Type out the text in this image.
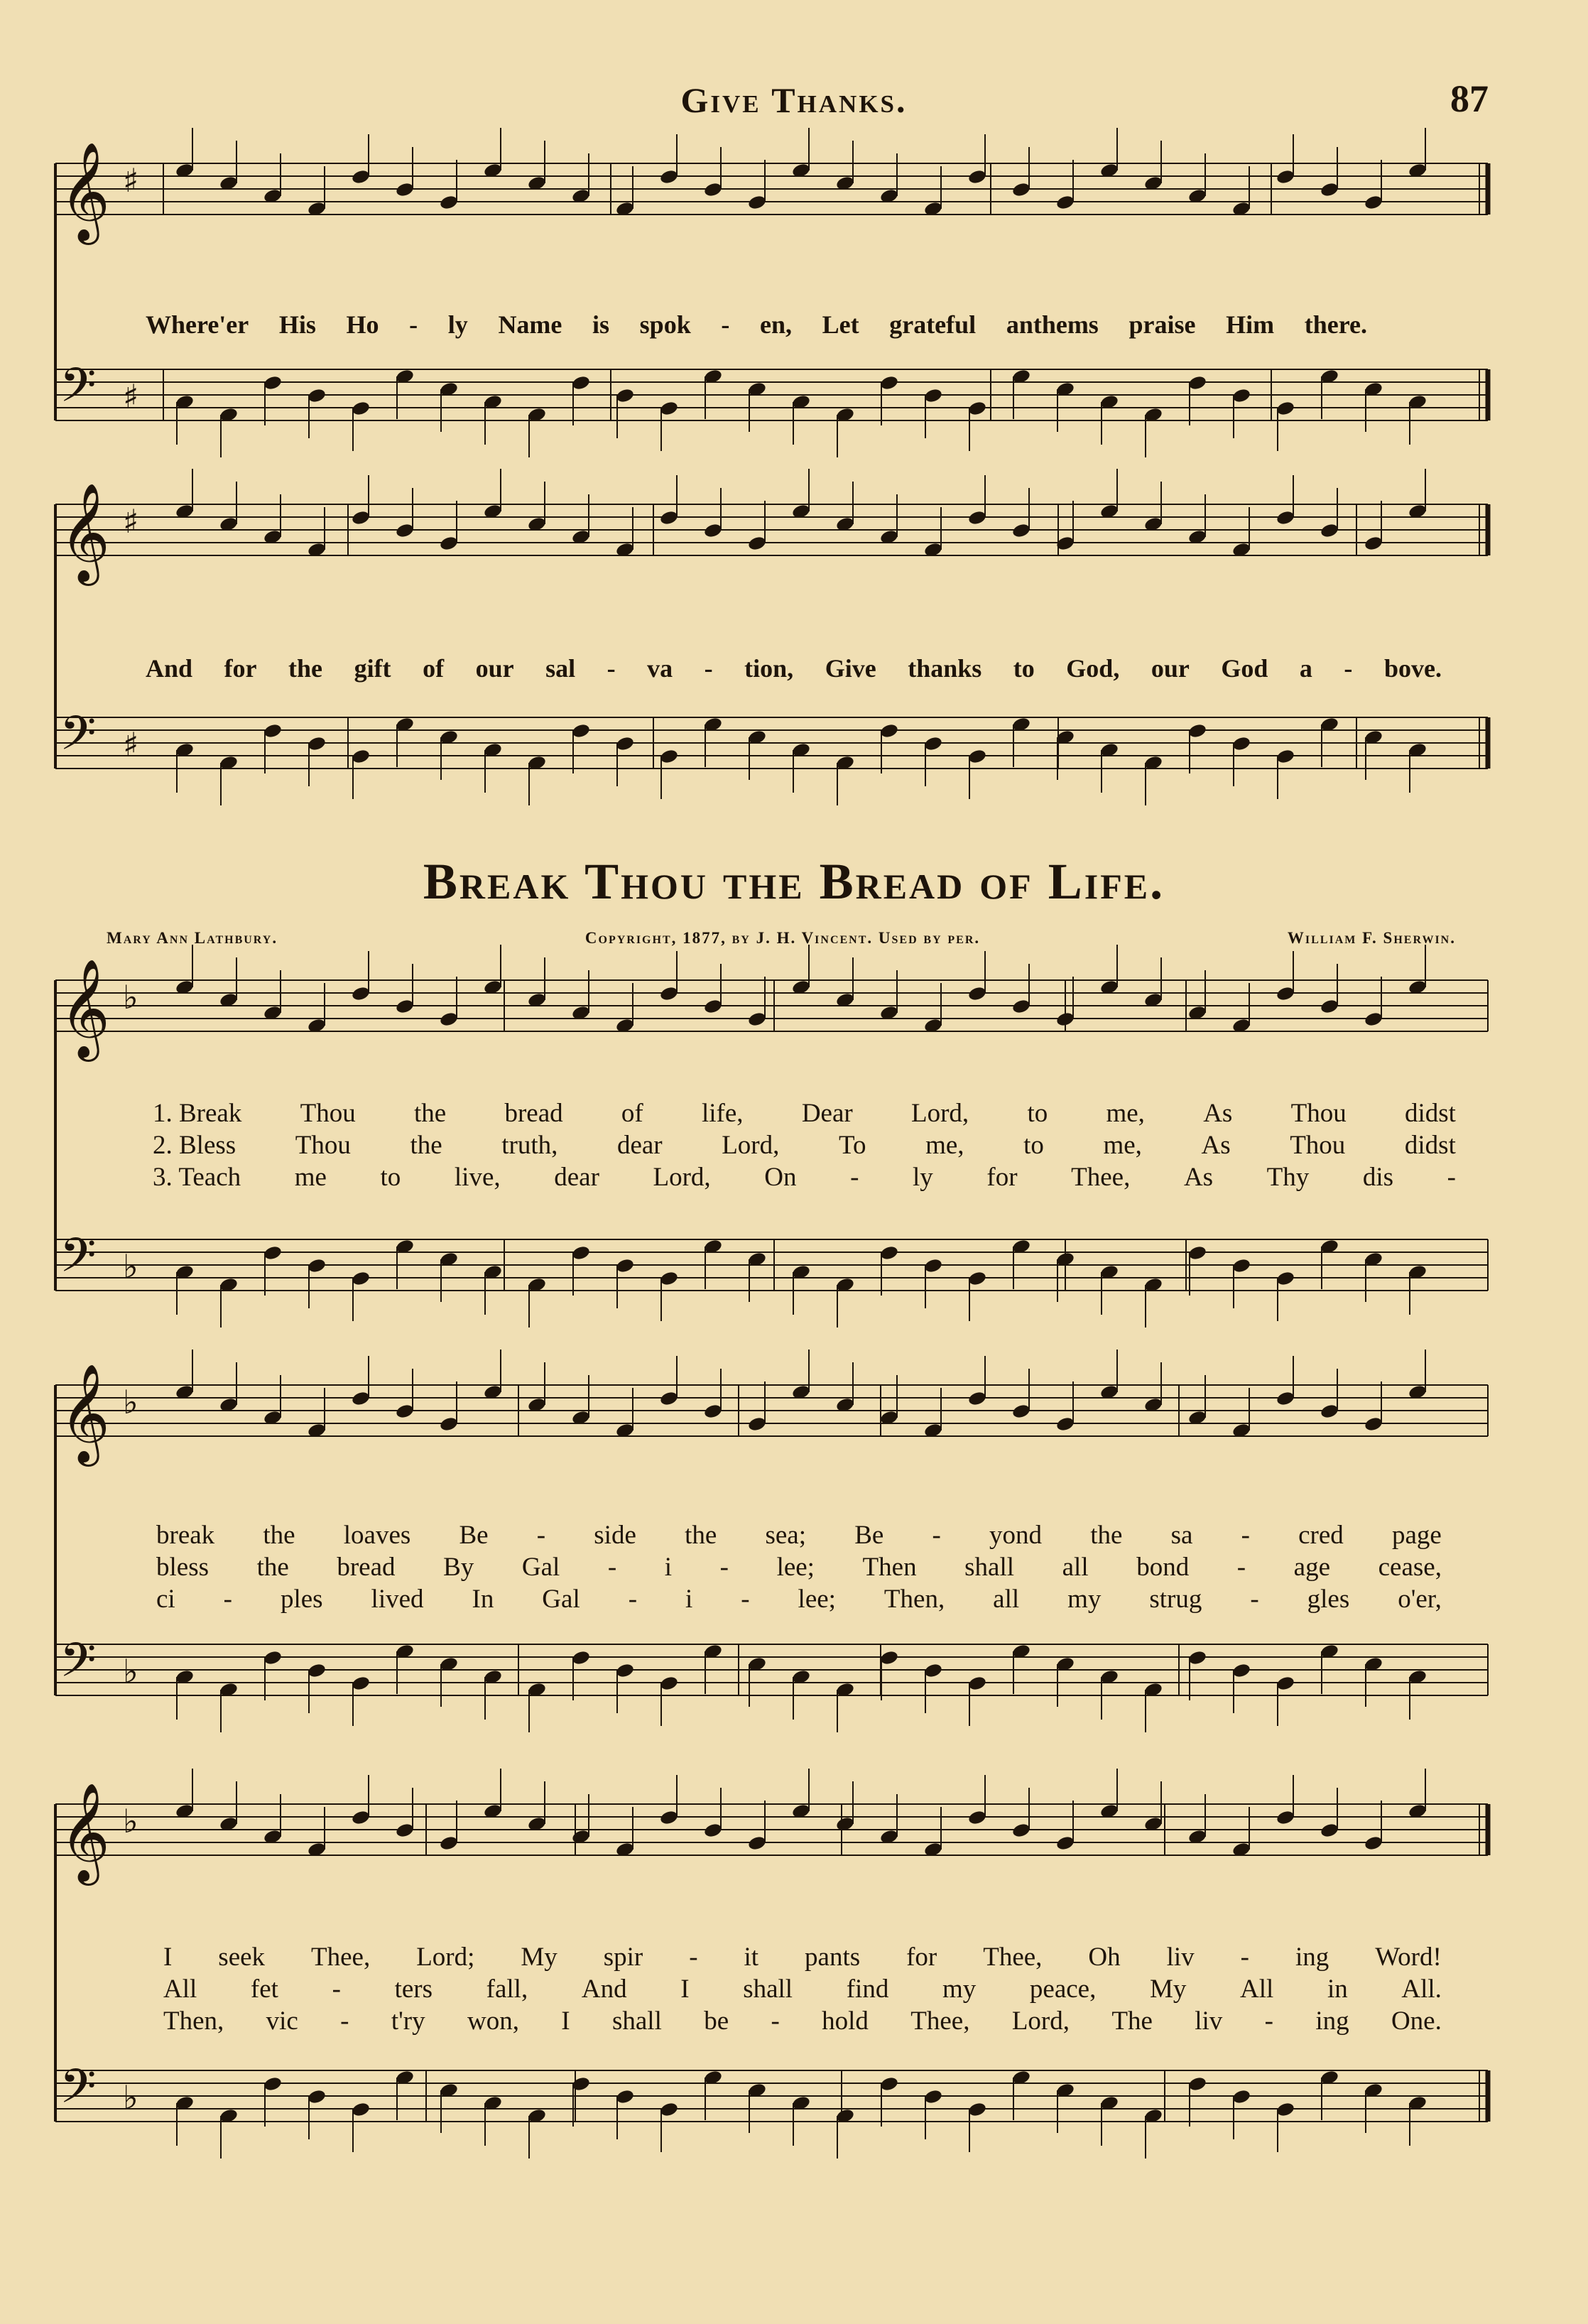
Give Thanks.	87
𝄞 ♯
𝄢 ♯
Where'er His Ho - ly Name is spok - en, Let grateful anthems praise Him there.
𝄞 ♯
𝄢 ♯
And for the gift of our sal - va - tion, Give thanks to God, our God a - bove.
Break Thou the Bread of Life.
Mary Ann Lathbury.	Copyright, 1877, by J. H. Vincent. Used by per.	William F. Sherwin.
𝄞 ♭
𝄢 ♭
1. Break Thou the bread of life, Dear Lord, to me, As Thou didst
2. Bless Thou the truth, dear Lord, To me, to me, As Thou didst
3. Teach me to live, dear Lord, On - ly for Thee, As Thy dis -
𝄞 ♭
𝄢 ♭
break the loaves Be - side the sea; Be - yond the sa - cred page
bless the bread By Gal - i - lee; Then shall all bond - age cease,
ci - ples lived In Gal - i - lee; Then, all my strug - gles o'er,
𝄞 ♭
𝄢 ♭
I seek Thee, Lord; My spir - it pants for Thee, Oh liv - ing Word!
All fet - ters fall, And I shall find my peace, My All in All.
Then, vic - t'ry won, I shall be - hold Thee, Lord, The liv - ing One.
